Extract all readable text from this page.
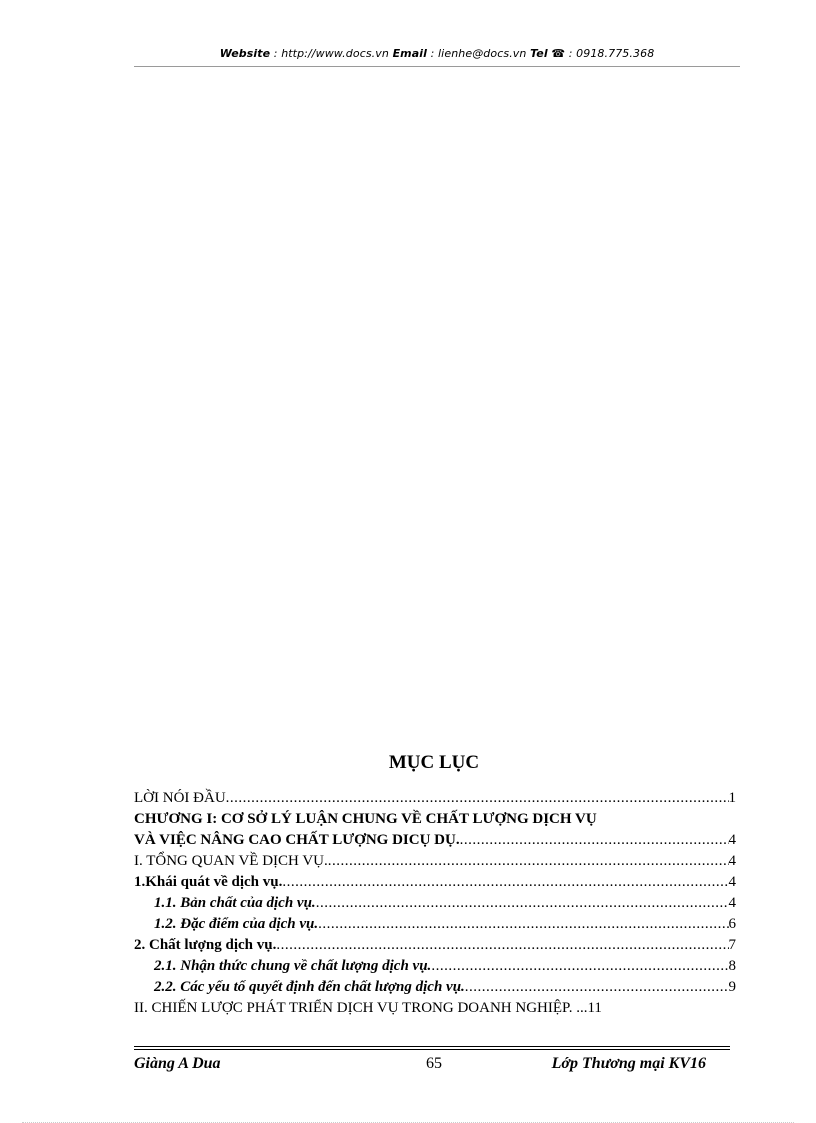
Website : http://www.docs.vn Email : lienhe@docs.vn Tel ☎ : 0918.775.368
MỤC LỤC
LỜI NÓI ĐẦU .....	1
CHƯƠNG I: CƠ SỞ LÝ LUẬN CHUNG VỀ CHẤT LƯỢNG DỊCH VỤ
VÀ VIỆC NÂNG CAO CHẤT LƯỢNG DICỤ DỤ. .....	4
I. TỔNG QUAN VỀ DỊCH VỤ. .....	4
1.Khái quát về dịch vụ. .....	4
1.1. Bản chất của dịch vụ. .....	4
1.2. Đặc điểm của dịch vụ. .....	6
2. Chất lượng dịch vụ. .....	7
2.1. Nhận thức chung về chất lượng dịch vụ. .....	8
2.2. Các yếu tố quyết định đến chất lượng dịch vụ. .....	9
II. CHIẾN LƯỢC PHÁT TRIỂN DỊCH VỤ TRONG DOANH NGHIỆP. ... 11
Giàng A Dua	65	Lớp Thương mại KV16
